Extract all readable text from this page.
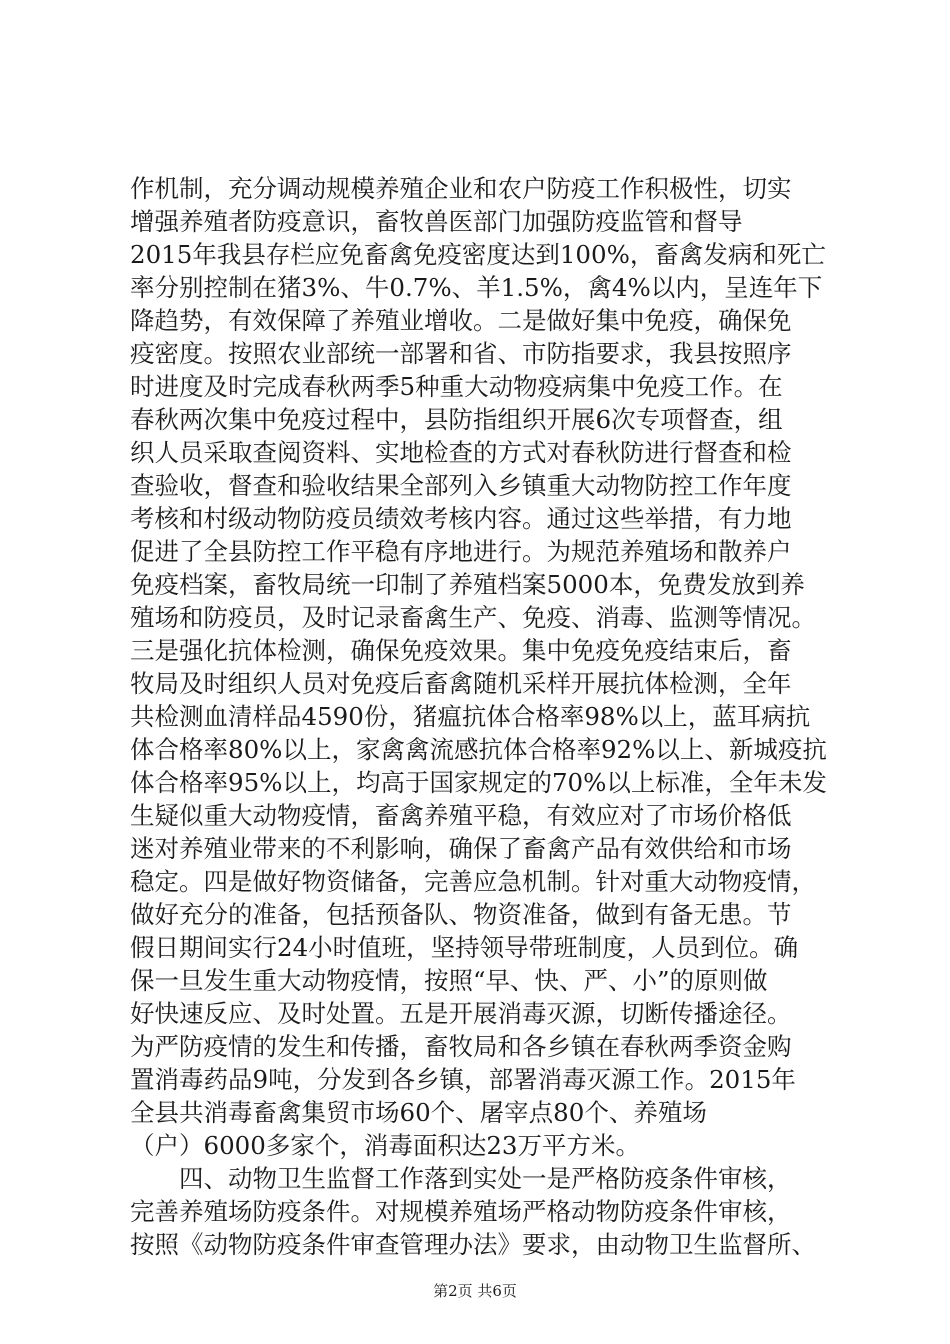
作机制，充分调动规模养殖企业和农户防疫工作积极性，切实
增强养殖者防疫意识，畜牧兽医部门加强防疫监管和督导
2015年我县存栏应免畜禽免疫密度达到100%，畜禽发病和死亡
率分别控制在猪3%、牛0.7%、羊1.5%，禽4%以内，呈连年下
降趋势，有效保障了养殖业增收。二是做好集中免疫，确保免
疫密度。按照农业部统一部署和省、市防指要求，我县按照序
时进度及时完成春秋两季5种重大动物疫病集中免疫工作。在
春秋两次集中免疫过程中，县防指组织开展6次专项督查，组
织人员采取查阅资料、实地检查的方式对春秋防进行督查和检
查验收，督查和验收结果全部列入乡镇重大动物防控工作年度
考核和村级动物防疫员绩效考核内容。通过这些举措，有力地
促进了全县防控工作平稳有序地进行。为规范养殖场和散养户
免疫档案，畜牧局统一印制了养殖档案5000本，免费发放到养
殖场和防疫员，及时记录畜禽生产、免疫、消毒、监测等情况。
三是强化抗体检测，确保免疫效果。集中免疫免疫结束后，畜
牧局及时组织人员对免疫后畜禽随机采样开展抗体检测，全年
共检测血清样品4590份，猪瘟抗体合格率98%以上，蓝耳病抗
体合格率80%以上，家禽禽流感抗体合格率92%以上、新城疫抗
体合格率95%以上，均高于国家规定的70%以上标准，全年未发
生疑似重大动物疫情，畜禽养殖平稳，有效应对了市场价格低
迷对养殖业带来的不利影响，确保了畜禽产品有效供给和市场
稳定。四是做好物资储备，完善应急机制。针对重大动物疫情，
做好充分的准备，包括预备队、物资准备，做到有备无患。节
假日期间实行24小时值班，坚持领导带班制度，人员到位。确
保一旦发生重大动物疫情，按照“早、快、严、小”的原则做
好快速反应、及时处置。五是开展消毒灭源，切断传播途径。
为严防疫情的发生和传播，畜牧局和各乡镇在春秋两季资金购
置消毒药品9吨，分发到各乡镇，部署消毒灭源工作。2015年
全县共消毒畜禽集贸市场60个、屠宰点80个、养殖场
（户）6000多家个，消毒面积达23万平方米。
四、动物卫生监督工作落到实处一是严格防疫条件审核，
完善养殖场防疫条件。对规模养殖场严格动物防疫条件审核，
按照《动物防疫条件审查管理办法》要求，由动物卫生监督所、
第2页 共6页
